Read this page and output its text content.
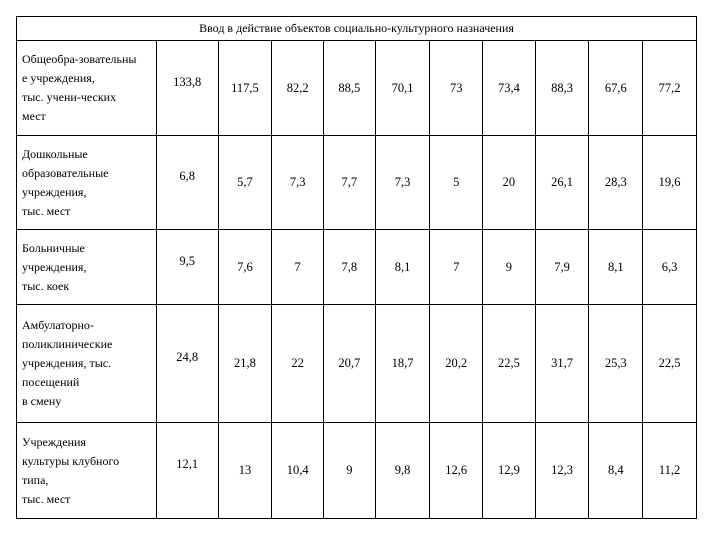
Ввод в действие объектов социально-культурного назначения										

Общеобра-зовательны
е учреждения,
тыс. учени-ческих
мест	133,8	117,5	82,2	88,5	70,1	73	73,4	88,3	67,6	77,2

Дошкольные
образовательные
учреждения,
тыс. мест	6,8	5,7	7,3	7,7	7,3	5	20	26,1	28,3	19,6

Больничные
учреждения,
тыс. коек	9,5	7,6	7	7,8	8,1	7	9	7,9	8,1	6,3

Амбулаторно-
поликлинические
учреждения, тыс.
посещений
в смену	24,8	21,8	22	20,7	18,7	20,2	22,5	31,7	25,3	22,5

Учреждения
культуры клубного
типа,
тыс. мест	12,1	13	10,4	9	9,8	12,6	12,9	12,3	8,4	11,2
